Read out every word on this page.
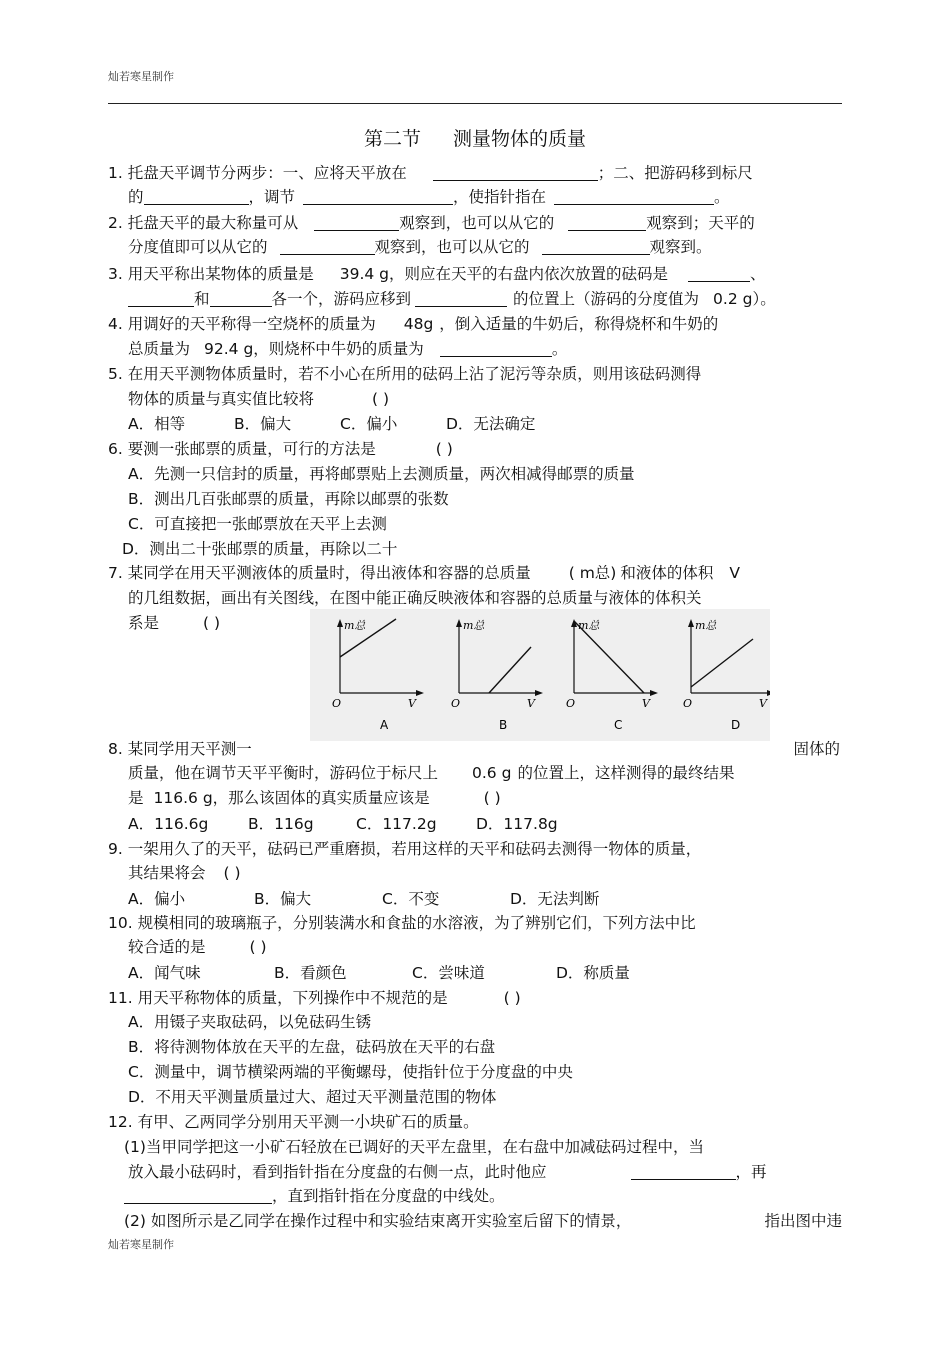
灿若寒星制作
第二节 测量物体的质量
1. 托盘天平调节分两步：一、应将天平放在	；二、把游码移到标尺
的	，调节	，使指针指在	。
2. 托盘天平的最大称量可从	观察到，也可以从它的	观察到；天平的
分度值即可以从它的	观察到，也可以从它的	观察到。
3. 用天平称出某物体的质量是 39.4 g，则应在天平的右盘内依次放置的砝码是	、
和	各一个，游码应移到	的位置上（游码的分度值为 0.2 g）。
4. 用调好的天平称得一空烧杯的质量为 48g ，倒入适量的牛奶后，称得烧杯和牛奶的
总质量为 92.4 g，则烧杯中牛奶的质量为	。
5. 在用天平测物体质量时，若不小心在所用的砝码上沾了泥污等杂质，则用该砝码测得
物体的质量与真实值比较将	( )
A．相等	B．偏大	C．偏小	D．无法确定
6. 要测一张邮票的质量，可行的方法是	( )
A．先测一只信封的质量，再将邮票贴上去测质量，两次相减得邮票的质量
B．测出几百张邮票的质量，再除以邮票的张数
C．可直接把一张邮票放在天平上去测
D．测出二十张邮票的质量，再除以二十
7. 某同学在用天平测液体的质量时，得出液体和容器的总质量 ( m总) 和液体的体积 V
的几组数据，画出有关图线，在图中能正确反映液体和容器的总质量与液体的体积关
系是	( )	m总
V
O
A
m总
V
O
B
m总
V
O
C
m总
V
O
D
8. 某同学用天平测一	固体的
质量，他在调节天平平衡时，游码位于标尺上 0.6 g 的位置上，这样测得的最终结果
是 116.6 g，那么该固体的真实质量应该是	( )
A．116.6g	B．116g	C．117.2g	D．117.8g
9. 一架用久了的天平，砝码已严重磨损，若用这样的天平和砝码去测得一物体的质量，
其结果将会 ( )
A．偏小	B．偏大	C．不变	D．无法判断
10. 规模相同的玻璃瓶子，分别装满水和食盐的水溶液，为了辨别它们，下列方法中比
较合适的是	( )
A．闻气味	B．看颜色	C．尝味道	D．称质量
11. 用天平称物体的质量，下列操作中不规范的是	( )
A．用镊子夹取砝码，以免砝码生锈
B．将待测物体放在天平的左盘，砝码放在天平的右盘
C．测量中，调节横梁两端的平衡螺母，使指针位于分度盘的中央
D．不用天平测量质量过大、超过天平测量范围的物体
12. 有甲、乙两同学分别用天平测一小块矿石的质量。
(1)当甲同学把这一小矿石轻放在已调好的天平左盘里，在右盘中加减砝码过程中，当
放入最小砝码时，看到指针指在分度盘的右侧一点，此时他应	，再
，直到指针指在分度盘的中线处。
(2) 如图所示是乙同学在操作过程中和实验结束离开实验室后留下的情景，	指出图中违
灿若寒星制作
